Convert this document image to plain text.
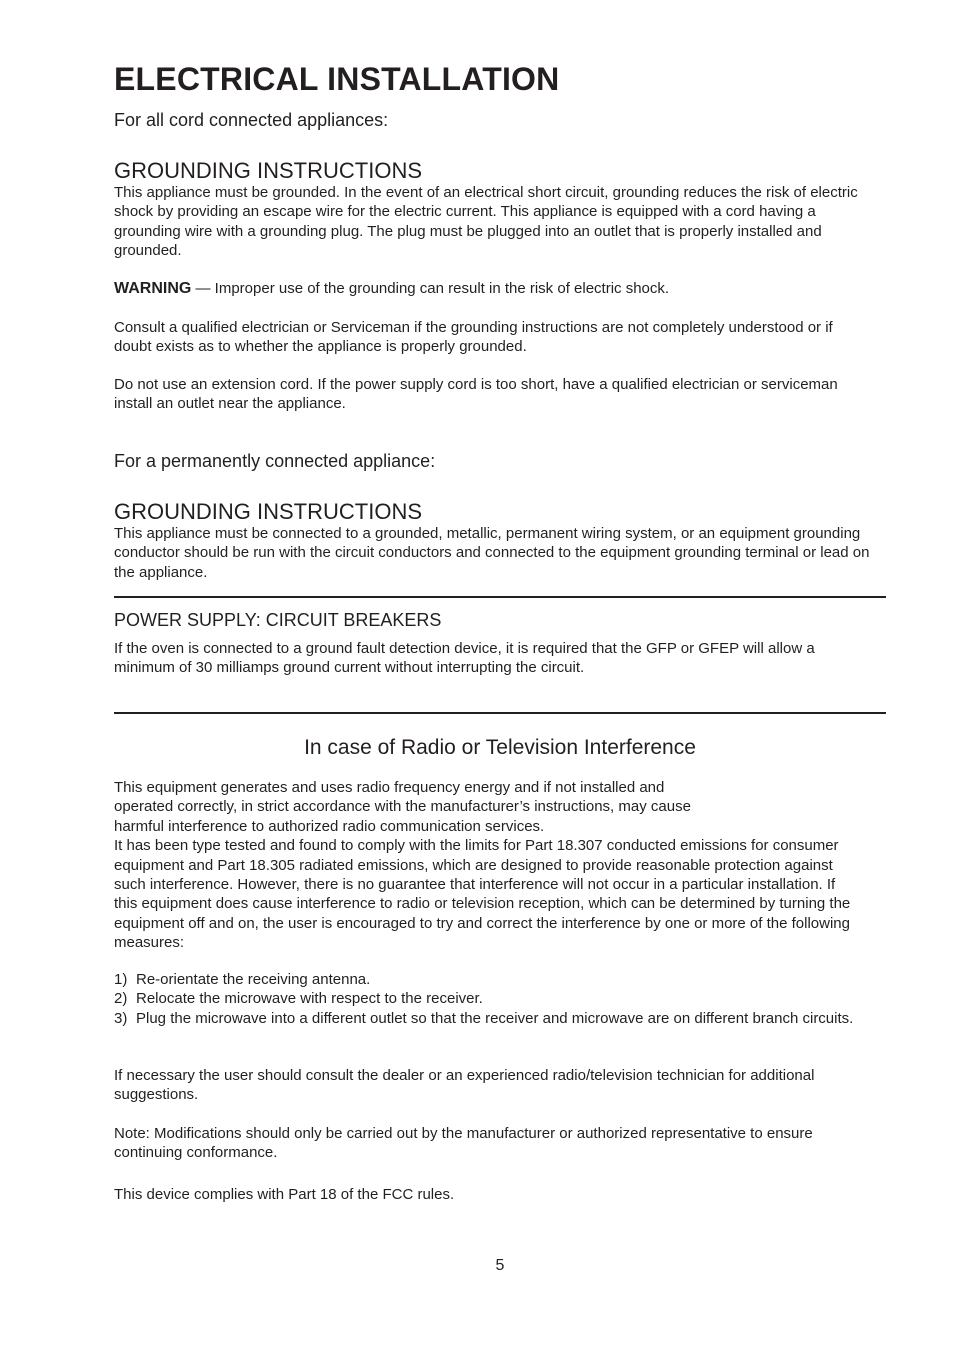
ELECTRICAL INSTALLATION

For all cord connected appliances:

GROUNDING INSTRUCTIONS

This appliance must be grounded. In the event of an electrical short circuit, grounding reduces the risk of electric shock by providing an escape wire for the electric current. This appliance is equipped with a cord having a grounding wire with a grounding plug. The plug must be plugged into an outlet that is properly installed and grounded.

WARNING — Improper use of the grounding can result in the risk of electric shock.

Consult a qualified electrician or Serviceman if the grounding instructions are not completely understood or if doubt exists as to whether the appliance is properly grounded.

Do not use an extension cord. If the power supply cord is too short, have a qualified electrician or serviceman install an outlet near the appliance.

For a permanently connected appliance:

GROUNDING INSTRUCTIONS

This appliance must be connected to a grounded, metallic, permanent wiring system, or an equipment grounding conductor should be run with the circuit conductors and connected to the equipment grounding terminal or lead on the appliance.

POWER SUPPLY: CIRCUIT BREAKERS

If the oven is connected to a ground fault detection device, it is required that the GFP or GFEP will allow a minimum of 30 milliamps ground current without interrupting the circuit.

In case of Radio or Television Interference
This equipment generates and uses radio frequency energy and if not installed and
operated correctly, in strict accordance with the manufacturer’s instructions, may cause
harmful interference to authorized radio communication services.
It has been type tested and found to comply with the limits for Part 18.307 conducted emissions for consumer equipment and Part 18.305 radiated emissions, which are designed to provide reasonable protection against such interference. However, there is no guarantee that interference will not occur in a particular installation. If this equipment does cause interference to radio or television reception, which can be determined by turning the equipment off and on, the user is encouraged to try and correct the interference by one or more of the following measures:
1) Re-orientate the receiving antenna.
2) Relocate the microwave with respect to the receiver.
3) Plug the microwave into a different outlet so that the receiver and microwave are on different branch circuits.

If necessary the user should consult the dealer or an experienced radio/television technician for additional suggestions.

Note: Modifications should only be carried out by the manufacturer or authorized representative to ensure continuing conformance.

This device complies with Part 18 of the FCC rules.

5
